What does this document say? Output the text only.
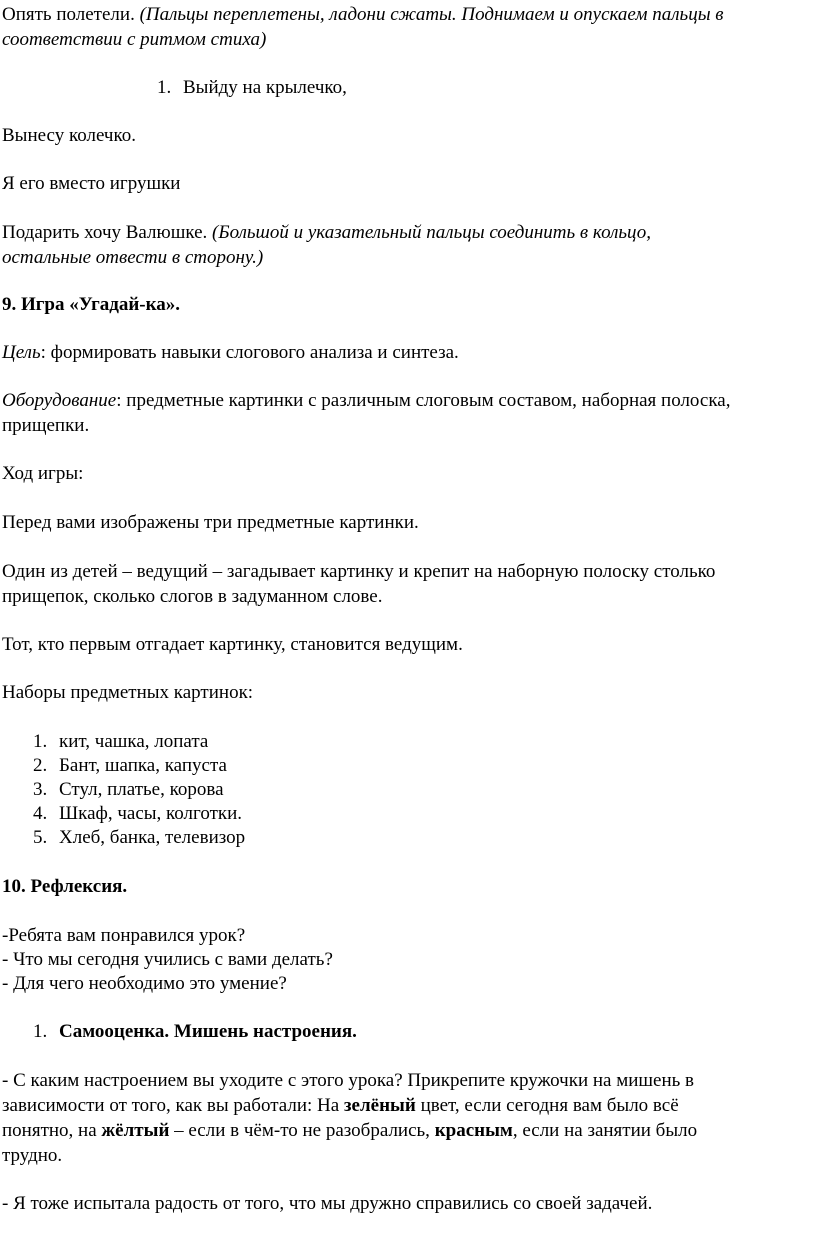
Опять полетели. (Пальцы переплетены, ладони сжаты. Поднимаем и опускаем пальцы в
соответствии с ритмом стиха)
1. Выйду на крылечко,
Вынесу колечко.
Я его вместо игрушки
Подарить хочу Валюшке. (Большой и указательный пальцы соединить в кольцо,
остальные отвести в сторону.)
9. Игра «Угадай-ка».
Цель: формировать навыки слогового анализа и синтеза.
Оборудование: предметные картинки с различным слоговым составом, наборная полоска,
прищепки.
Ход игры:
Перед вами изображены три предметные картинки.
Один из детей – ведущий – загадывает картинку и крепит на наборную полоску столько
прищепок, сколько слогов в задуманном слове.
Тот, кто первым отгадает картинку, становится ведущим.
Наборы предметных картинок:
1. кит, чашка, лопата
2. Бант, шапка, капуста
3. Стул, платье, корова
4. Шкаф, часы, колготки.
5. Хлеб, банка, телевизор
10. Рефлексия.
-Ребята вам понравился урок?
- Что мы сегодня учились с вами делать?
- Для чего необходимо это умение?
1. Самооценка. Мишень настроения.
- С каким настроением вы уходите с этого урока? Прикрепите кружочки на мишень в
зависимости от того, как вы работали: На зелёный цвет, если сегодня вам было всё
понятно, на жёлтый – если в чём-то не разобрались, красным, если на занятии было
трудно.
- Я тоже испытала радость от того, что мы дружно справились со своей задачей.
